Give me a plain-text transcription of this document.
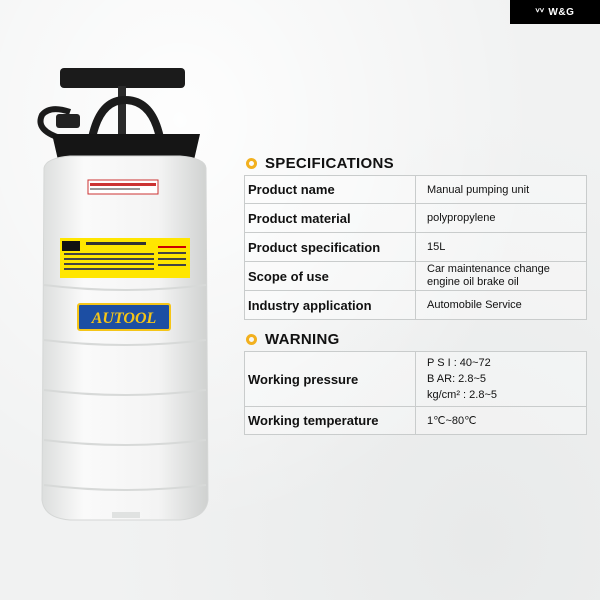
ⱽⱽ W&G
AUTOOL
SPECIFICATIONS
Product name	Manual pumping unit
Product material	polypropylene
Product specification	15L
Scope of use	Car maintenance change engine oil brake oil
Industry application	Automobile Service
WARNING
Working pressure	P S I : 40~72
B AR: 2.8~5
kg/cm² : 2.8~5

Working temperature	1℃~80℃
